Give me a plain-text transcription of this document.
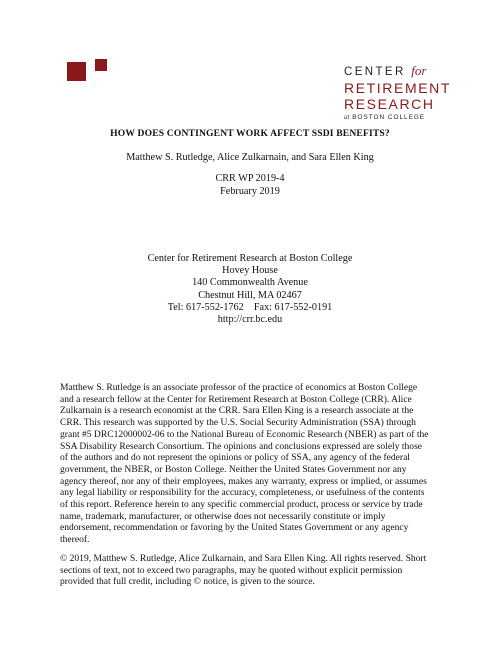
CENTER for
RETIREMENT
RESEARCH
at BOSTON COLLEGE
HOW DOES CONTINGENT WORK AFFECT SSDI BENEFITS?
Matthew S. Rutledge, Alice Zulkarnain, and Sara Ellen King
CRR WP 2019-4
February 2019
Center for Retirement Research at Boston College
Hovey House
140 Commonwealth Avenue
Chestnut Hill, MA 02467
Tel: 617-552-1762    Fax: 617-552-0191
http://crr.bc.edu
Matthew S. Rutledge is an associate professor of the practice of economics at Boston College
and a research fellow at the Center for Retirement Research at Boston College (CRR). Alice
Zulkarnain is a research economist at the CRR. Sara Ellen King is a research associate at the
CRR. This research was supported by the U.S. Social Security Administration (SSA) through
grant #5 DRC12000002-06 to the National Bureau of Economic Research (NBER) as part of the
SSA Disability Research Consortium. The opinions and conclusions expressed are solely those
of the authors and do not represent the opinions or policy of SSA, any agency of the federal
government, the NBER, or Boston College. Neither the United States Government nor any
agency thereof, nor any of their employees, makes any warranty, express or implied, or assumes
any legal liability or responsibility for the accuracy, completeness, or usefulness of the contents
of this report. Reference herein to any specific commercial product, process or service by trade
name, trademark, manufacturer, or otherwise does not necessarily constitute or imply
endorsement, recommendation or favoring by the United States Government or any agency
thereof.
© 2019, Matthew S. Rutledge, Alice Zulkarnain, and Sara Ellen King. All rights reserved. Short
sections of text, not to exceed two paragraphs, may be quoted without explicit permission
provided that full credit, including © notice, is given to the source.
